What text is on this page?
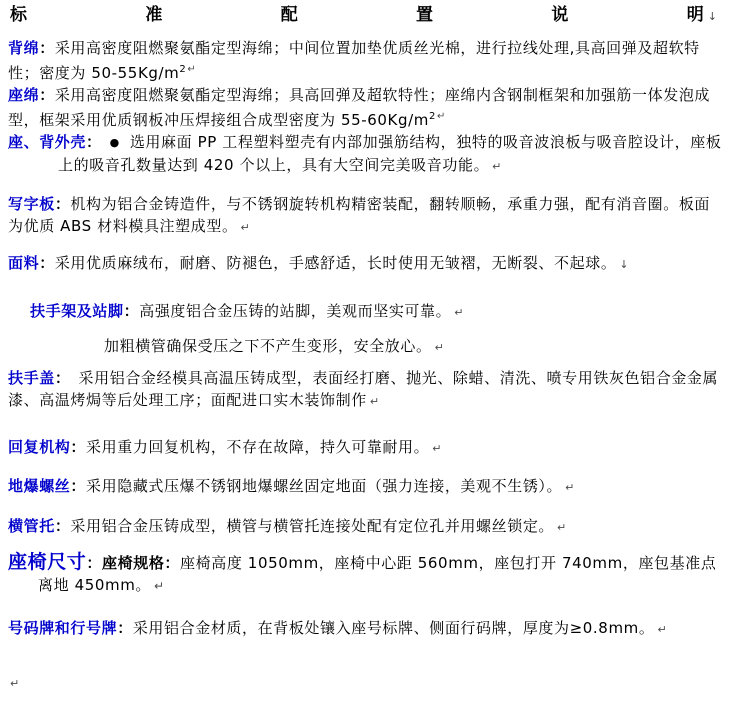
标	准	配	置	说	明 ↓

背绵：采用高密度阻燃聚氨酯定型海绵；中间位置加垫优质丝光棉，进行拉线处理,具高回弹及超软特性；密度为 $50-55Kg/m^{2↵}$

座绵：采用高密度阻燃聚氨酯定型海绵；具高回弹及超软特性；座绵内含钢制框架和加强筋一体发泡成型，框架采用优质钢板冲压焊接组合成型密度为 $55-60Kg/m^{2↵}$

座、背外壳： ● 选用麻面 PP 工程塑料塑壳有内部加强筋结构，独特的吸音波浪板与吸音腔设计，座板上的吸音孔数量达到 420 个以上，具有大空间完美吸音功能。 ↵

写字板：机构为铝合金铸造件，与不锈钢旋转机构精密装配，翻转顺畅，承重力强，配有消音圈。板面为优质 ABS 材料模具注塑成型。 ↵

面料：采用优质麻绒布，耐磨、防褪色，手感舒适，长时使用无皱褶，无断裂、不起球。 ↓

扶手架及站脚：高强度铝合金压铸的站脚，美观而坚实可靠。 ↵

加粗横管确保受压之下不产生变形，安全放心。 ↵

扶手盖：　采用铝合金经模具高温压铸成型，表面经打磨、抛光、除蜡、清洗、喷专用铁灰色铝合金金属漆、高温烤焗等后处理工序；面配进口实木装饰制作 ↵

回复机构：采用重力回复机构，不存在故障，持久可靠耐用。 ↵

地爆螺丝：采用隐藏式压爆不锈钢地爆螺丝固定地面（强力连接，美观不生锈）。 ↵

横管托：采用铝合金压铸成型，横管与横管托连接处配有定位孔并用螺丝锁定。 ↵

座椅尺寸：座椅规格：座椅高度 1050mm，座椅中心距 560mm，座包打开 740mm，座包基准点离地 450mm。 ↵

号码牌和行号牌：采用铝合金材质，在背板处镶入座号标牌、侧面行码牌，厚度为≥0.8mm。 ↵

↵
